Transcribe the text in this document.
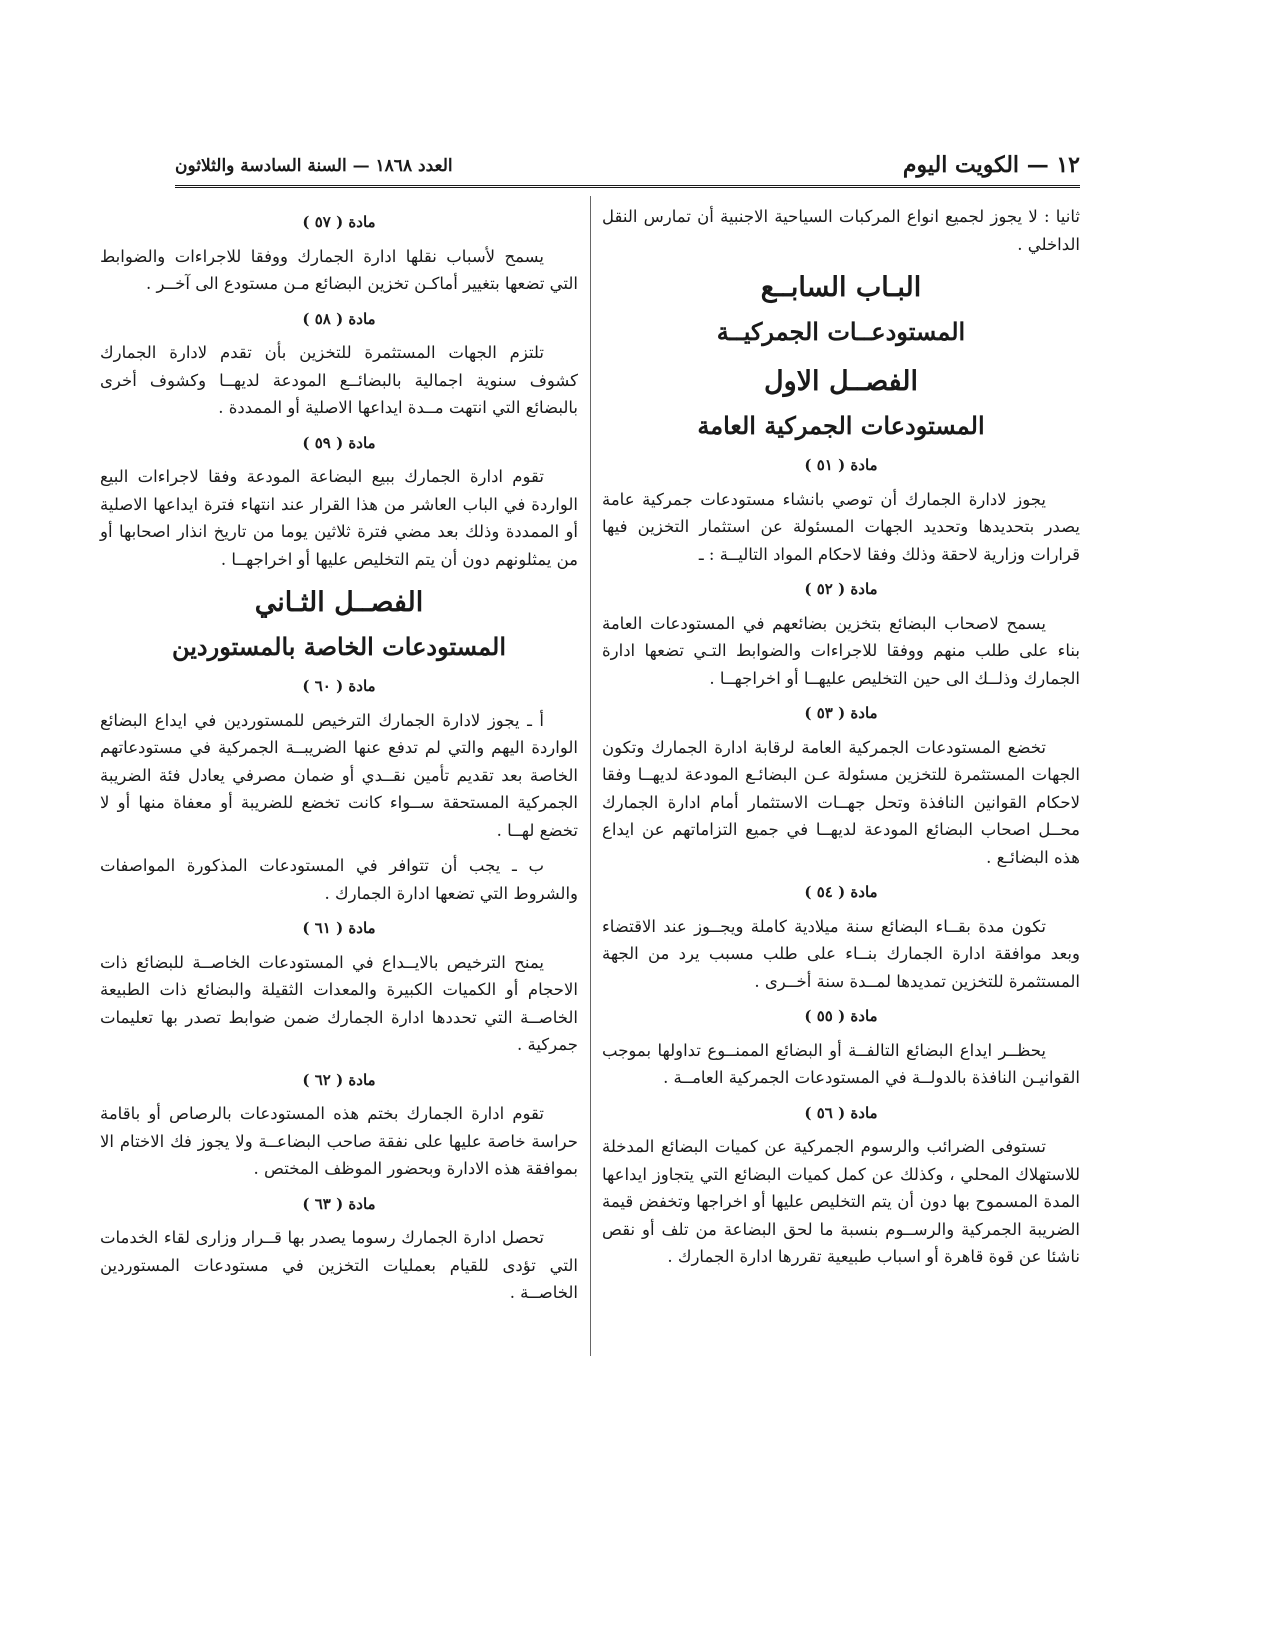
العدد ١٨٦٨ — السنة السادسة والثلاثون	١٢ — الكويت اليوم

ثانيا : لا يجوز لجميع انواع المركبات السياحية الاجنبية أن تمارس النقل الداخلي .

البـاب السابــع
المستودعــات الجمركيــة
الفصــل الاول
المستودعات الجمركية العامة
مادة ( ٥١ )

يجوز لادارة الجمارك أن توصي بانشاء مستودعات جمركية عامة يصدر بتحديدها وتحديد الجهات المسئولة عن استثمار التخزين فيها قرارات وزارية لاحقة وذلك وفقا لاحكام المواد التاليــة : ـ

مادة ( ٥٢ )

يسمح لاصحاب البضائع بتخزين بضائعهم في المستودعات العامة بناء على طلب منهم ووفقا للاجراءات والضوابط التـي تضعها ادارة الجمارك وذلــك الى حين التخليص عليهــا أو اخراجهــا .

مادة ( ٥٣ )

تخضع المستودعات الجمركية العامة لرقابة ادارة الجمارك وتكون الجهات المستثمرة للتخزين مسئولة عـن البضائـع المودعة لديهــا وفقا لاحكام القوانين النافذة وتحل جهــات الاستثمار أمام ادارة الجمارك محــل اصحاب البضائع المودعة لديهــا في جميع التزاماتهم عن ايداع هذه البضائـع .

مادة ( ٥٤ )

تكون مدة بقــاء البضائع سنة ميلادية كاملة ويجــوز عند الاقتضاء وبعد موافقة ادارة الجمارك بنــاء على طلب مسبب يرد من الجهة المستثمرة للتخزين تمديدها لمــدة سنة أخــرى .

مادة ( ٥٥ )

يحظــر ايداع البضائع التالفــة أو البضائع الممنــوع تداولها بموجب القوانيـن النافذة بالدولــة في المستودعات الجمركية العامــة .

مادة ( ٥٦ )

تستوفى الضرائب والرسوم الجمركية عن كميات البضائع المدخلة للاستهلاك المحلي ، وكذلك عن كمل كميات البضائع التي يتجاوز ايداعها المدة المسموح بها دون أن يتم التخليص عليها أو اخراجها وتخفض قيمة الضريبة الجمركية والرســوم بنسبة ما لحق البضاعة من تلف أو نقص ناشئا عن قوة قاهرة أو اسباب طبيعية تقررها ادارة الجمارك .

مادة ( ٥٧ )

يسمح لأسباب نقلها ادارة الجمارك ووفقا للاجراءات والضوابط التي تضعها بتغيير أماكـن تخزين البضائع مـن مستودع الى آخــر .

مادة ( ٥٨ )

تلتزم الجهات المستثمرة للتخزين بأن تقدم لادارة الجمارك كشوف سنوية اجمالية بالبضائــع المودعة لديهــا وكشوف أخرى بالبضائع التي انتهت مــدة ايداعها الاصلية أو الممددة .

مادة ( ٥٩ )

تقوم ادارة الجمارك ببيع البضاعة المودعة وفقا لاجراءات البيع الواردة في الباب العاشر من هذا القرار عند انتهاء فترة ايداعها الاصلية أو الممددة وذلك بعد مضي فترة ثلاثين يوما من تاريخ انذار اصحابها أو من يمثلونهم دون أن يتم التخليص عليها أو اخراجهــا .

الفصــل الثـاني
المستودعات الخاصة بالمستوردين
مادة ( ٦٠ )

أ ـ يجوز لادارة الجمارك الترخيص للمستوردين في ايداع البضائع الواردة اليهم والتي لم تدفع عنها الضريبــة الجمركية في مستودعاتهم الخاصة بعد تقديم تأمين نقــدي أو ضمان مصرفي يعادل فئة الضريبة الجمركية المستحقة ســواء كانت تخضع للضريبة أو معفاة منها أو لا تخضع لهــا .

ب ـ يجب أن تتوافر في المستودعات المذكورة المواصفات والشروط التي تضعها ادارة الجمارك .

مادة ( ٦١ )

يمنح الترخيص بالايــداع في المستودعات الخاصــة للبضائع ذات الاحجام أو الكميات الكبيرة والمعدات الثقيلة والبضائع ذات الطبيعة الخاصــة التي تحددها ادارة الجمارك ضمن ضوابط تصدر بها تعليمات جمركية .

مادة ( ٦٢ )

تقوم ادارة الجمارك بختم هذه المستودعات بالرصاص أو باقامة حراسة خاصة عليها على نفقة صاحب البضاعــة ولا يجوز فك الاختام الا بموافقة هذه الادارة وبحضور الموظف المختص .

مادة ( ٦٣ )

تحصل ادارة الجمارك رسوما يصدر بها قــرار وزارى لقاء الخدمات التي تؤدى للقيام بعمليات التخزين في مستودعات المستوردين الخاصــة .
